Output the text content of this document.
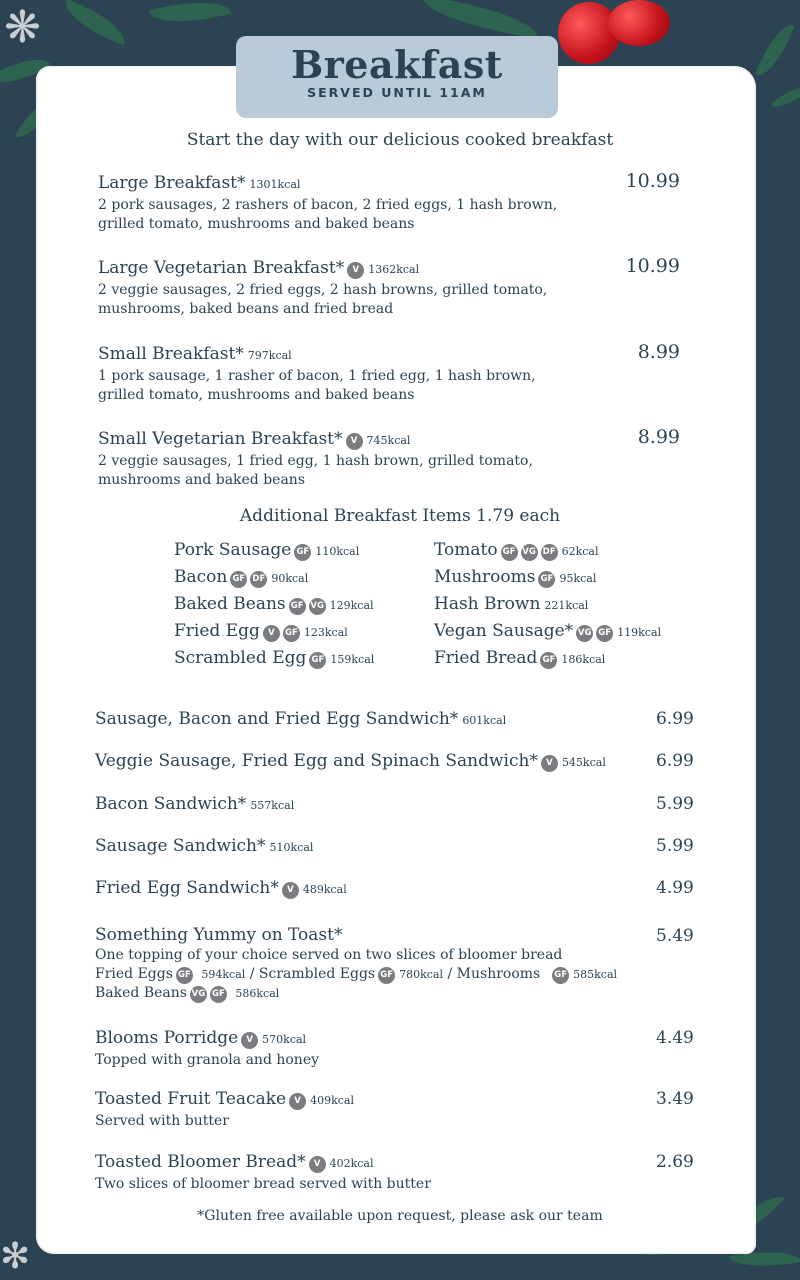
❋
✻
Breakfast
SERVED UNTIL 11AM
Start the day with our delicious cooked breakfast
Large Breakfast* 1301kcal
2 pork sausages, 2 rashers of bacon, 2 fried eggs, 1 hash brown,
grilled tomato, mushrooms and baked beans
10.99
Large Vegetarian Breakfast* V 1362kcal
2 veggie sausages, 2 fried eggs, 2 hash browns, grilled tomato,
mushrooms, baked beans and fried bread
10.99
Small Breakfast* 797kcal
1 pork sausage, 1 rasher of bacon, 1 fried egg, 1 hash brown,
grilled tomato, mushrooms and baked beans
8.99
Small Vegetarian Breakfast* V 745kcal
2 veggie sausages, 1 fried egg, 1 hash brown, grilled tomato,
mushrooms and baked beans
8.99
Additional Breakfast Items 1.79 each
Pork Sausage GF 110kcal
Bacon GF DF 90kcal
Baked Beans GF VG 129kcal
Fried Egg V GF 123kcal
Scrambled Egg GF 159kcal
Tomato GF VG DF 62kcal
Mushrooms GF 95kcal
Hash Brown 221kcal
Vegan Sausage* VG GF 119kcal
Fried Bread GF 186kcal
Sausage, Bacon and Fried Egg Sandwich* 601kcal	6.99
Veggie Sausage, Fried Egg and Spinach Sandwich* V 545kcal	6.99
Bacon Sandwich* 557kcal	5.99
Sausage Sandwich* 510kcal	5.99
Fried Egg Sandwich* V 489kcal	4.99
Something Yummy on Toast*
One topping of your choice served on two slices of bloomer bread
Fried Eggs GF 594kcal / Scrambled Eggs GF 780kcal / Mushrooms GF 585kcal
Baked Beans VG GF 586kcal
5.49
Blooms Porridge V 570kcal
Topped with granola and honey
4.49
Toasted Fruit Teacake V 409kcal
Served with butter
3.49
Toasted Bloomer Bread* V 402kcal
Two slices of bloomer bread served with butter
2.69
*Gluten free available upon request, please ask our team
